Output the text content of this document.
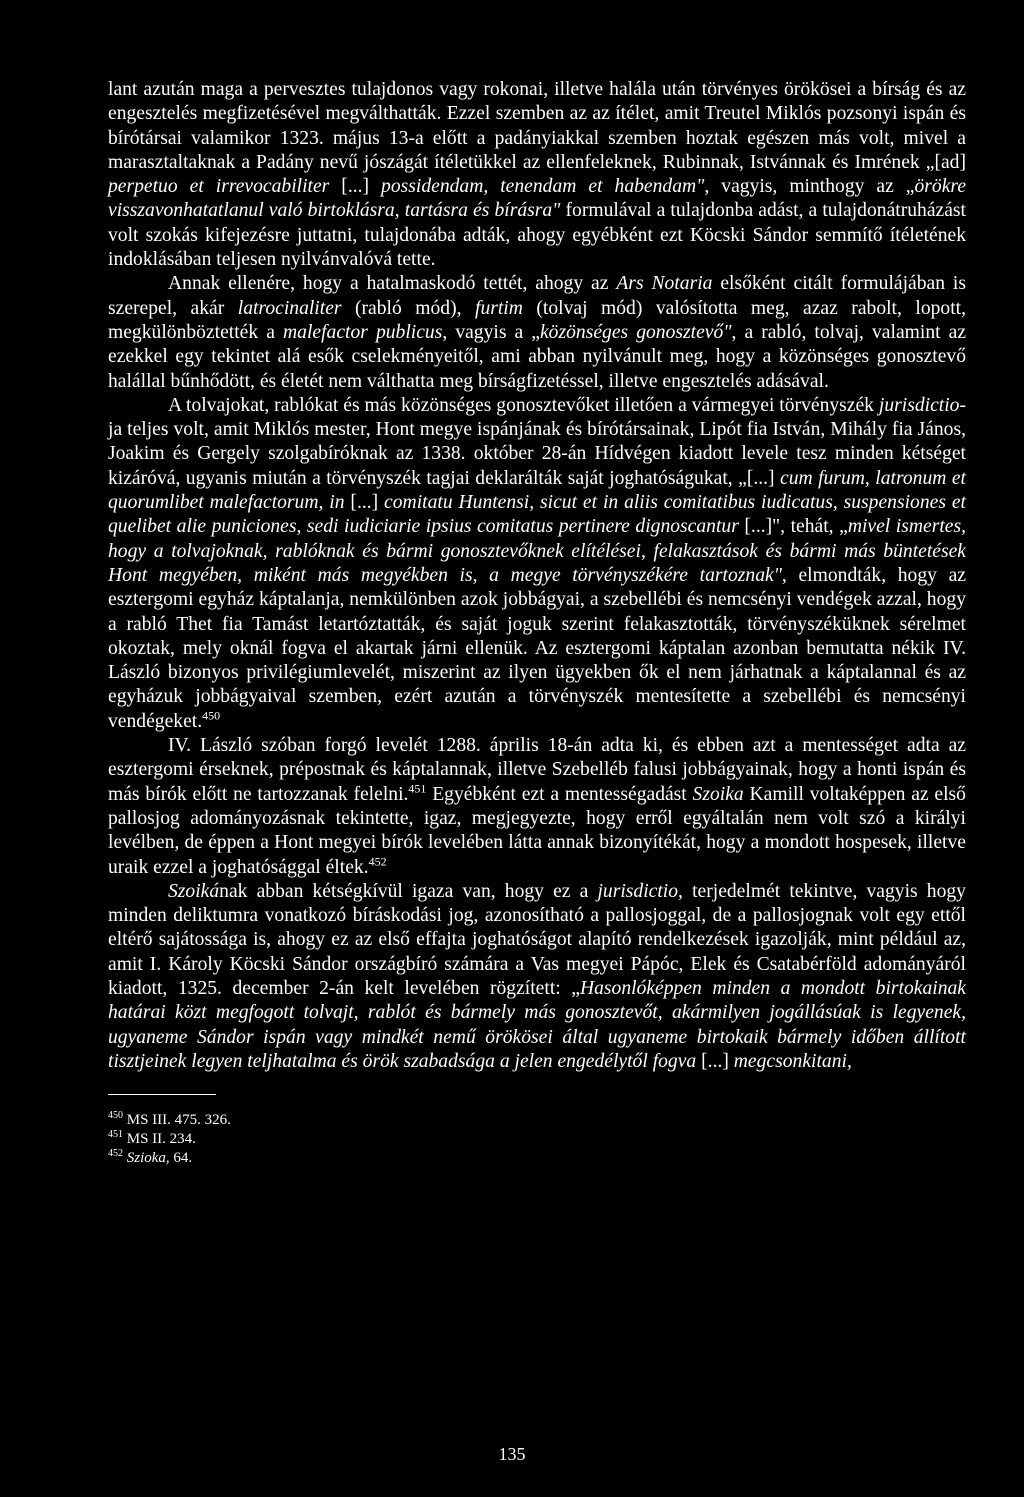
lant azután maga a pervesztes tulajdonos vagy rokonai, illetve halála után törvényes örökösei a bírság és az engesztelés megfizetésével megválthatták. Ezzel szemben az az ítélet, amit Treutel Miklós pozsonyi ispán és bírótársai valamikor 1323. május 13-a előtt a padányiakkal szemben hoztak egészen más volt, mivel a marasztaltaknak a Padány nevű jószágát ítéletükkel az ellenfeleknek, Rubinnak, Istvánnak és Imrének „[ad] perpetuo et irrevocabiliter [...] possidendam, tenendam et habendam", vagyis, minthogy az „örökre visszavonhatatlanul való birtoklásra, tartásra és bírásra" formulával a tulajdonba adást, a tulajdonátruházást volt szokás kifejezésre juttatni, tulajdonába adták, ahogy egyébként ezt Köcski Sándor semmítő ítéletének indoklásában teljesen nyilvánvalóvá tette.

Annak ellenére, hogy a hatalmaskodó tettét, ahogy az Ars Notaria elsőként citált formulájában is szerepel, akár latrocinaliter (rabló mód), furtim (tolvaj mód) valósította meg, azaz rabolt, lopott, megkülönböztették a malefactor publicus, vagyis a „közönséges gonosztevő", a rabló, tolvaj, valamint az ezekkel egy tekintet alá esők cselekményeitől, ami abban nyilvánult meg, hogy a közönséges gonosztevő halállal bűnhődött, és életét nem válthatta meg bírságfizetéssel, illetve engesztelés adásával.

A tolvajokat, rablókat és más közönséges gonosztevőket illetően a vármegyei törvényszék jurisdictio-ja teljes volt, amit Miklós mester, Hont megye ispánjának és bírótársainak, Lipót fia István, Mihály fia János, Joakim és Gergely szolgabíróknak az 1338. október 28-án Hídvégen kiadott levele tesz minden kétséget kizáróvá, ugyanis miután a törvényszék tagjai deklarálták saját joghatóságukat, „[...] cum furum, latronum et quorumlibet malefactorum, in [...] comitatu Huntensi, sicut et in aliis comitatibus iudicatus, suspensiones et quelibet alie puniciones, sedi iudiciarie ipsius comitatus pertinere dignoscantur [...]", tehát, „mivel ismertes, hogy a tolvajoknak, rablóknak és bármi gonosztevőknek elítélései, felakasztások és bármi más büntetések Hont megyében, miként más megyékben is, a megye törvényszékére tartoznak", elmondták, hogy az esztergomi egyház káptalanja, nemkülönben azok jobbágyai, a szebellébi és nemcsényi vendégek azzal, hogy a rabló Thet fia Tamást letartóztatták, és saját joguk szerint felakasztották, törvényszéküknek sérelmet okoztak, mely oknál fogva el akartak járni ellenük. Az esztergomi káptalan azonban bemutatta nékik IV. László bizonyos privilégiumlevelét, miszerint az ilyen ügyekben ők el nem járhatnak a káptalannal és az egyházuk jobbágyaival szemben, ezért azután a törvényszék mentesítette a szebellébi és nemcsényi vendégeket.$^{450}$

IV. László szóban forgó levelét 1288. április 18-án adta ki, és ebben azt a mentességet adta az esztergomi érseknek, prépostnak és káptalannak, illetve Szebelléb falusi jobbágyainak, hogy a honti ispán és más bírók előtt ne tartozzanak felelni.$^{451}$ Egyébként ezt a mentességadást Szoika Kamill voltaképpen az első pallosjog adományozásnak tekintette, igaz, megjegyezte, hogy erről egyáltalán nem volt szó a királyi levélben, de éppen a Hont megyei bírók levelében látta annak bizonyítékát, hogy a mondott hospesek, illetve uraik ezzel a joghatósággal éltek.$^{452}$

Szoikának abban kétségkívül igaza van, hogy ez a jurisdictio, terjedelmét tekintve, vagyis hogy minden deliktumra vonatkozó bíráskodási jog, azonosítható a pallosjoggal, de a pallosjognak volt egy ettől eltérő sajátossága is, ahogy ez az első effajta joghatóságot alapító rendelkezések igazolják, mint például az, amit I. Károly Köcski Sándor országbíró számára a Vas megyei Pápóc, Elek és Csatabérföld adományáról kiadott, 1325. december 2-án kelt levelében rögzített: „Hasonlóképpen minden a mondott birtokainak határai közt megfogott tolvajt, rablót és bármely más gonosztevőt, akármilyen jogállásúak is legyenek, ugyaneme Sándor ispán vagy mindkét nemű örökösei által ugyaneme birtokaik bármely időben állított tisztjeinek legyen teljhatalma és örök szabadsága a jelen engedélytől fogva [...] megcsonkitani,

$^{450}$ MS III. 475. 326.

$^{451}$ MS II. 234.

$^{452}$ Szioka, 64.

135
